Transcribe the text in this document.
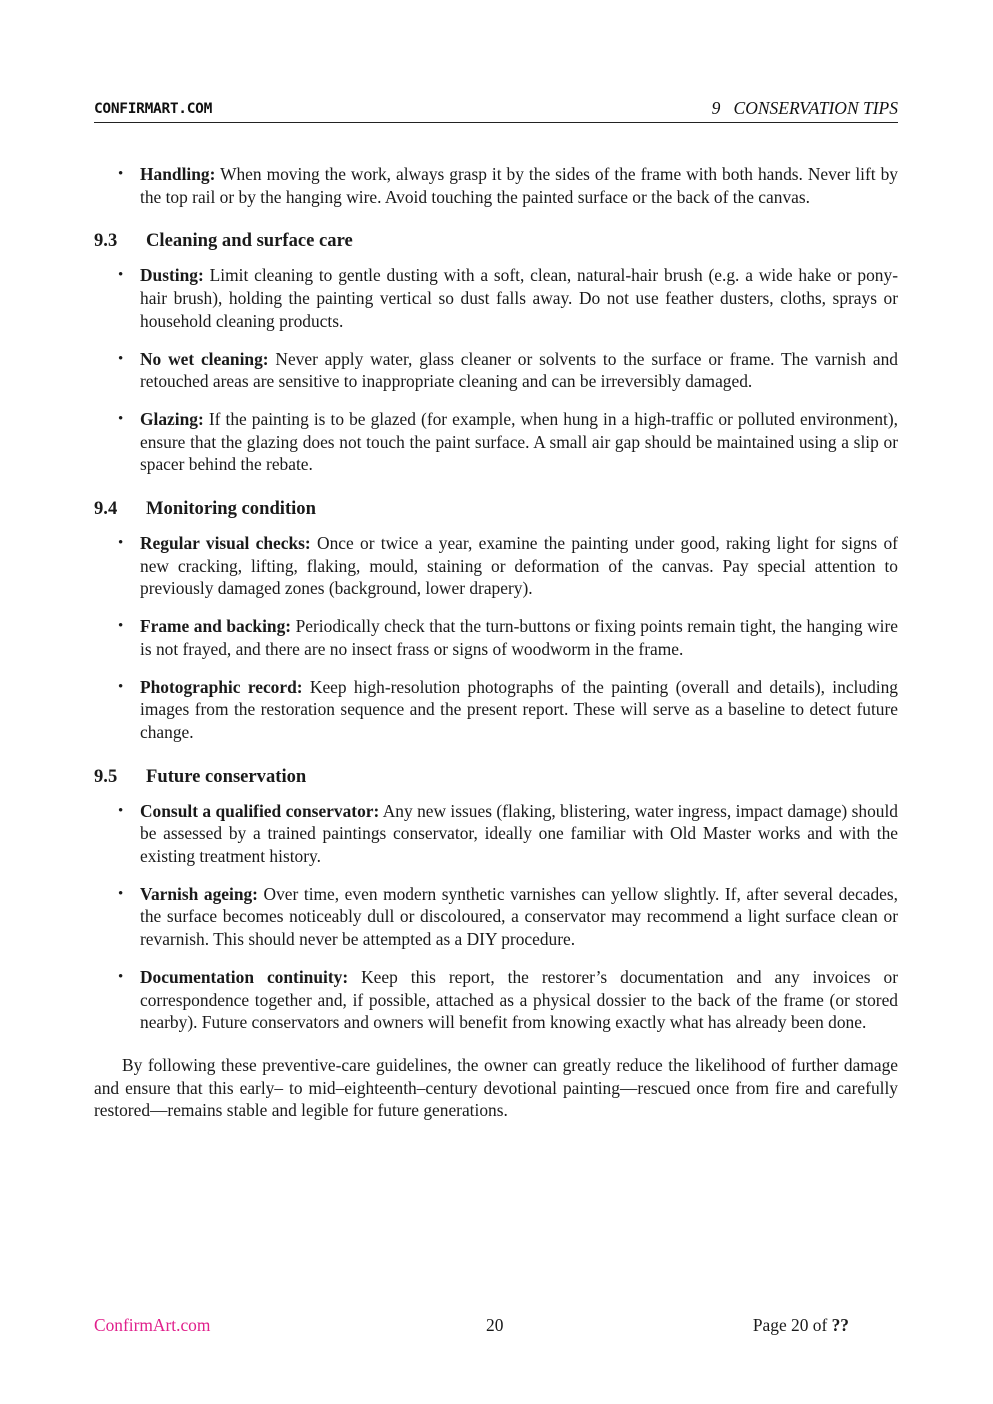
CONFIRMART.COM	9 CONSERVATION TIPS
• Handling: When moving the work, always grasp it by the sides of the frame with both hands. Never lift by the top rail or by the hanging wire. Avoid touching the painted surface or the back of the canvas.
9.3 Cleaning and surface care
• Dusting: Limit cleaning to gentle dusting with a soft, clean, natural-hair brush (e.g. a wide hake or pony-hair brush), holding the painting vertical so dust falls away. Do not use feather dusters, cloths, sprays or household cleaning products.
• No wet cleaning: Never apply water, glass cleaner or solvents to the surface or frame. The varnish and retouched areas are sensitive to inappropriate cleaning and can be irreversibly damaged.
• Glazing: If the painting is to be glazed (for example, when hung in a high-traffic or polluted environment), ensure that the glazing does not touch the paint surface. A small air gap should be maintained using a slip or spacer behind the rebate.
9.4 Monitoring condition
• Regular visual checks: Once or twice a year, examine the painting under good, raking light for signs of new cracking, lifting, flaking, mould, staining or deformation of the canvas. Pay special attention to previously damaged zones (background, lower drapery).
• Frame and backing: Periodically check that the turn-buttons or fixing points remain tight, the hanging wire is not frayed, and there are no insect frass or signs of woodworm in the frame.
• Photographic record: Keep high-resolution photographs of the painting (overall and details), including images from the restoration sequence and the present report. These will serve as a baseline to detect future change.
9.5 Future conservation
• Consult a qualified conservator: Any new issues (flaking, blistering, water ingress, impact damage) should be assessed by a trained paintings conservator, ideally one familiar with Old Master works and with the existing treatment history.
• Varnish ageing: Over time, even modern synthetic varnishes can yellow slightly. If, after several decades, the surface becomes noticeably dull or discoloured, a conservator may recommend a light surface clean or revarnish. This should never be attempted as a DIY procedure.
• Documentation continuity: Keep this report, the restorer’s documentation and any invoices or correspondence together and, if possible, attached as a physical dossier to the back of the frame (or stored nearby). Future conservators and owners will benefit from knowing exactly what has already been done.

By following these preventive-care guidelines, the owner can greatly reduce the likelihood of further damage and ensure that this early– to mid–eighteenth–century devotional painting—rescued once from fire and carefully restored—remains stable and legible for future generations.

ConfirmArt.com	20	Page 20 of ??
